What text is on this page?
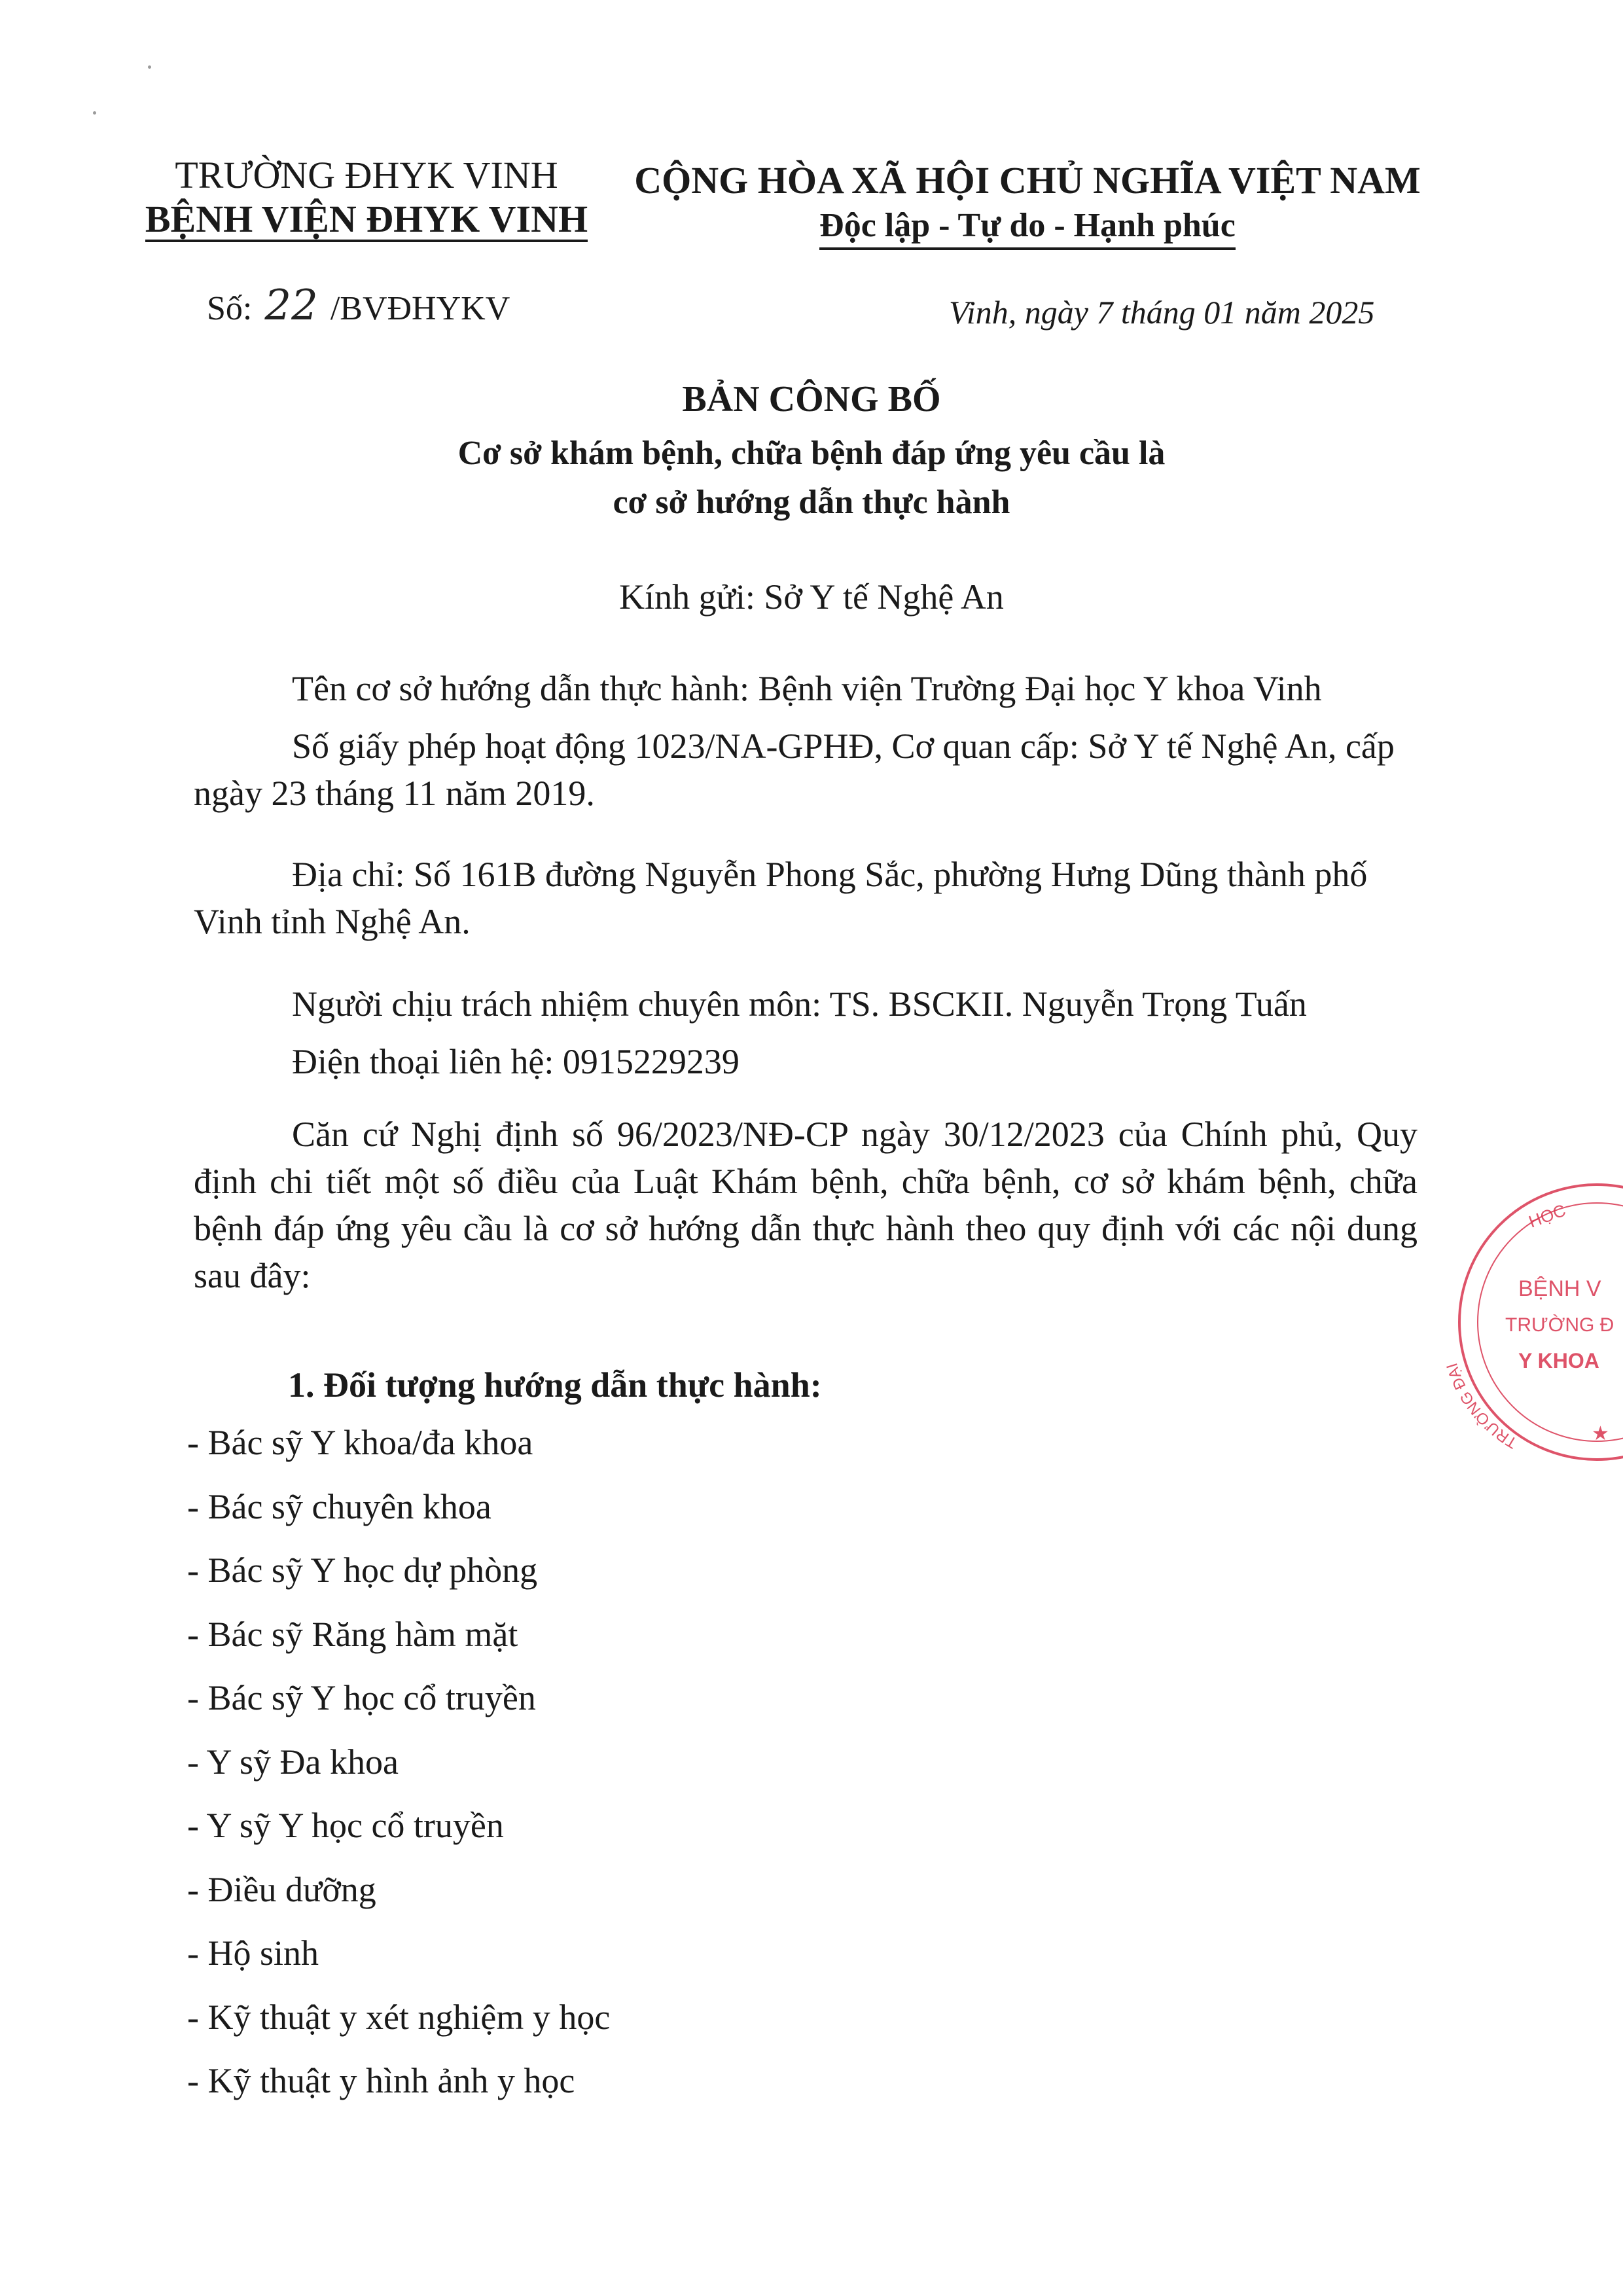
TRƯỜNG ĐHYK VINH
BỆNH VIỆN ĐHYK VINH
CỘNG HÒA XÃ HỘI CHỦ NGHĨA VIỆT NAM
Độc lập - Tự do - Hạnh phúc
Số: 22 /BVĐHYKV	Vinh, ngày 7 tháng 01 năm 2025
BẢN CÔNG BỐ
Cơ sở khám bệnh, chữa bệnh đáp ứng yêu cầu là
cơ sở hướng dẫn thực hành
Kính gửi: Sở Y tế Nghệ An
Tên cơ sở hướng dẫn thực hành: Bệnh viện Trường Đại học Y khoa Vinh
Số giấy phép hoạt động 1023/NA-GPHĐ, Cơ quan cấp: Sở Y tế Nghệ An, cấp ngày 23 tháng 11 năm 2019.
Địa chỉ: Số 161B đường Nguyễn Phong Sắc, phường Hưng Dũng thành phố Vinh tỉnh Nghệ An.
Người chịu trách nhiệm chuyên môn: TS. BSCKII. Nguyễn Trọng Tuấn
Điện thoại liên hệ: 0915229239
Căn cứ Nghị định số 96/2023/NĐ-CP ngày 30/12/2023 của Chính phủ, Quy định chi tiết một số điều của Luật Khám bệnh, chữa bệnh, cơ sở khám bệnh, chữa bệnh đáp ứng yêu cầu là cơ sở hướng dẫn thực hành theo quy định với các nội dung sau đây:
1. Đối tượng hướng dẫn thực hành:
- Bác sỹ Y khoa/đa khoa
- Bác sỹ chuyên khoa
- Bác sỹ Y học dự phòng
- Bác sỹ Răng hàm mặt
- Bác sỹ Y học cổ truyền
- Y sỹ Đa khoa
- Y sỹ Y học cổ truyền
- Điều dưỡng
- Hộ sinh
- Kỹ thuật y xét nghiệm y học
- Kỹ thuật y hình ảnh y học
HỌC
BỆNH V
TRƯỜNG Đ
Y KHOA
TRƯỜNG ĐẠI
★
